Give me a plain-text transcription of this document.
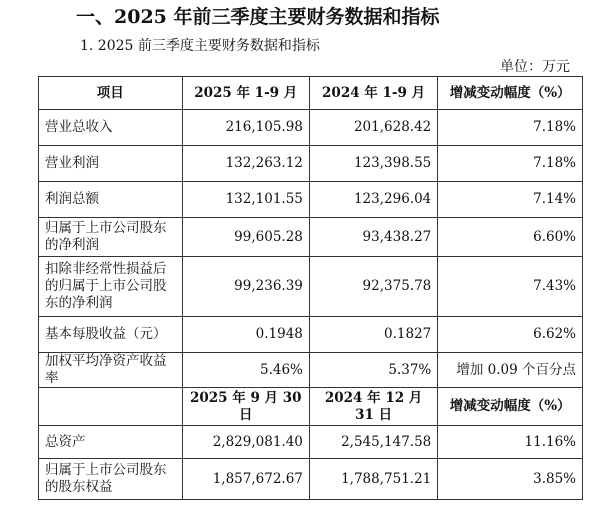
一、2025 年前三季度主要财务数据和指标
1. 2025 前三季度主要财务数据和指标
单位：万元
项目	2025 年 1-9 月	2024 年 1-9 月	增减变动幅度（%）
营业总收入	216,105.98	201,628.42	7.18%
营业利润	132,263.12	123,398.55	7.18%
利润总额	132,101.55	123,296.04	7.14%
归属于上市公司股东的净利润	99,605.28	93,438.27	6.60%
扣除非经常性损益后的归属于上市公司股东的净利润	99,236.39	92,375.78	7.43%
基本每股收益（元）	0.1948	0.1827	6.62%
加权平均净资产收益率	5.46%	5.37%	增加 0.09 个百分点
	2025 年 9 月 30 日	2024 年 12 月 31 日	增减变动幅度（%）
总资产	2,829,081.40	2,545,147.58	11.16%
归属于上市公司股东的股东权益	1,857,672.67	1,788,751.21	3.85%
